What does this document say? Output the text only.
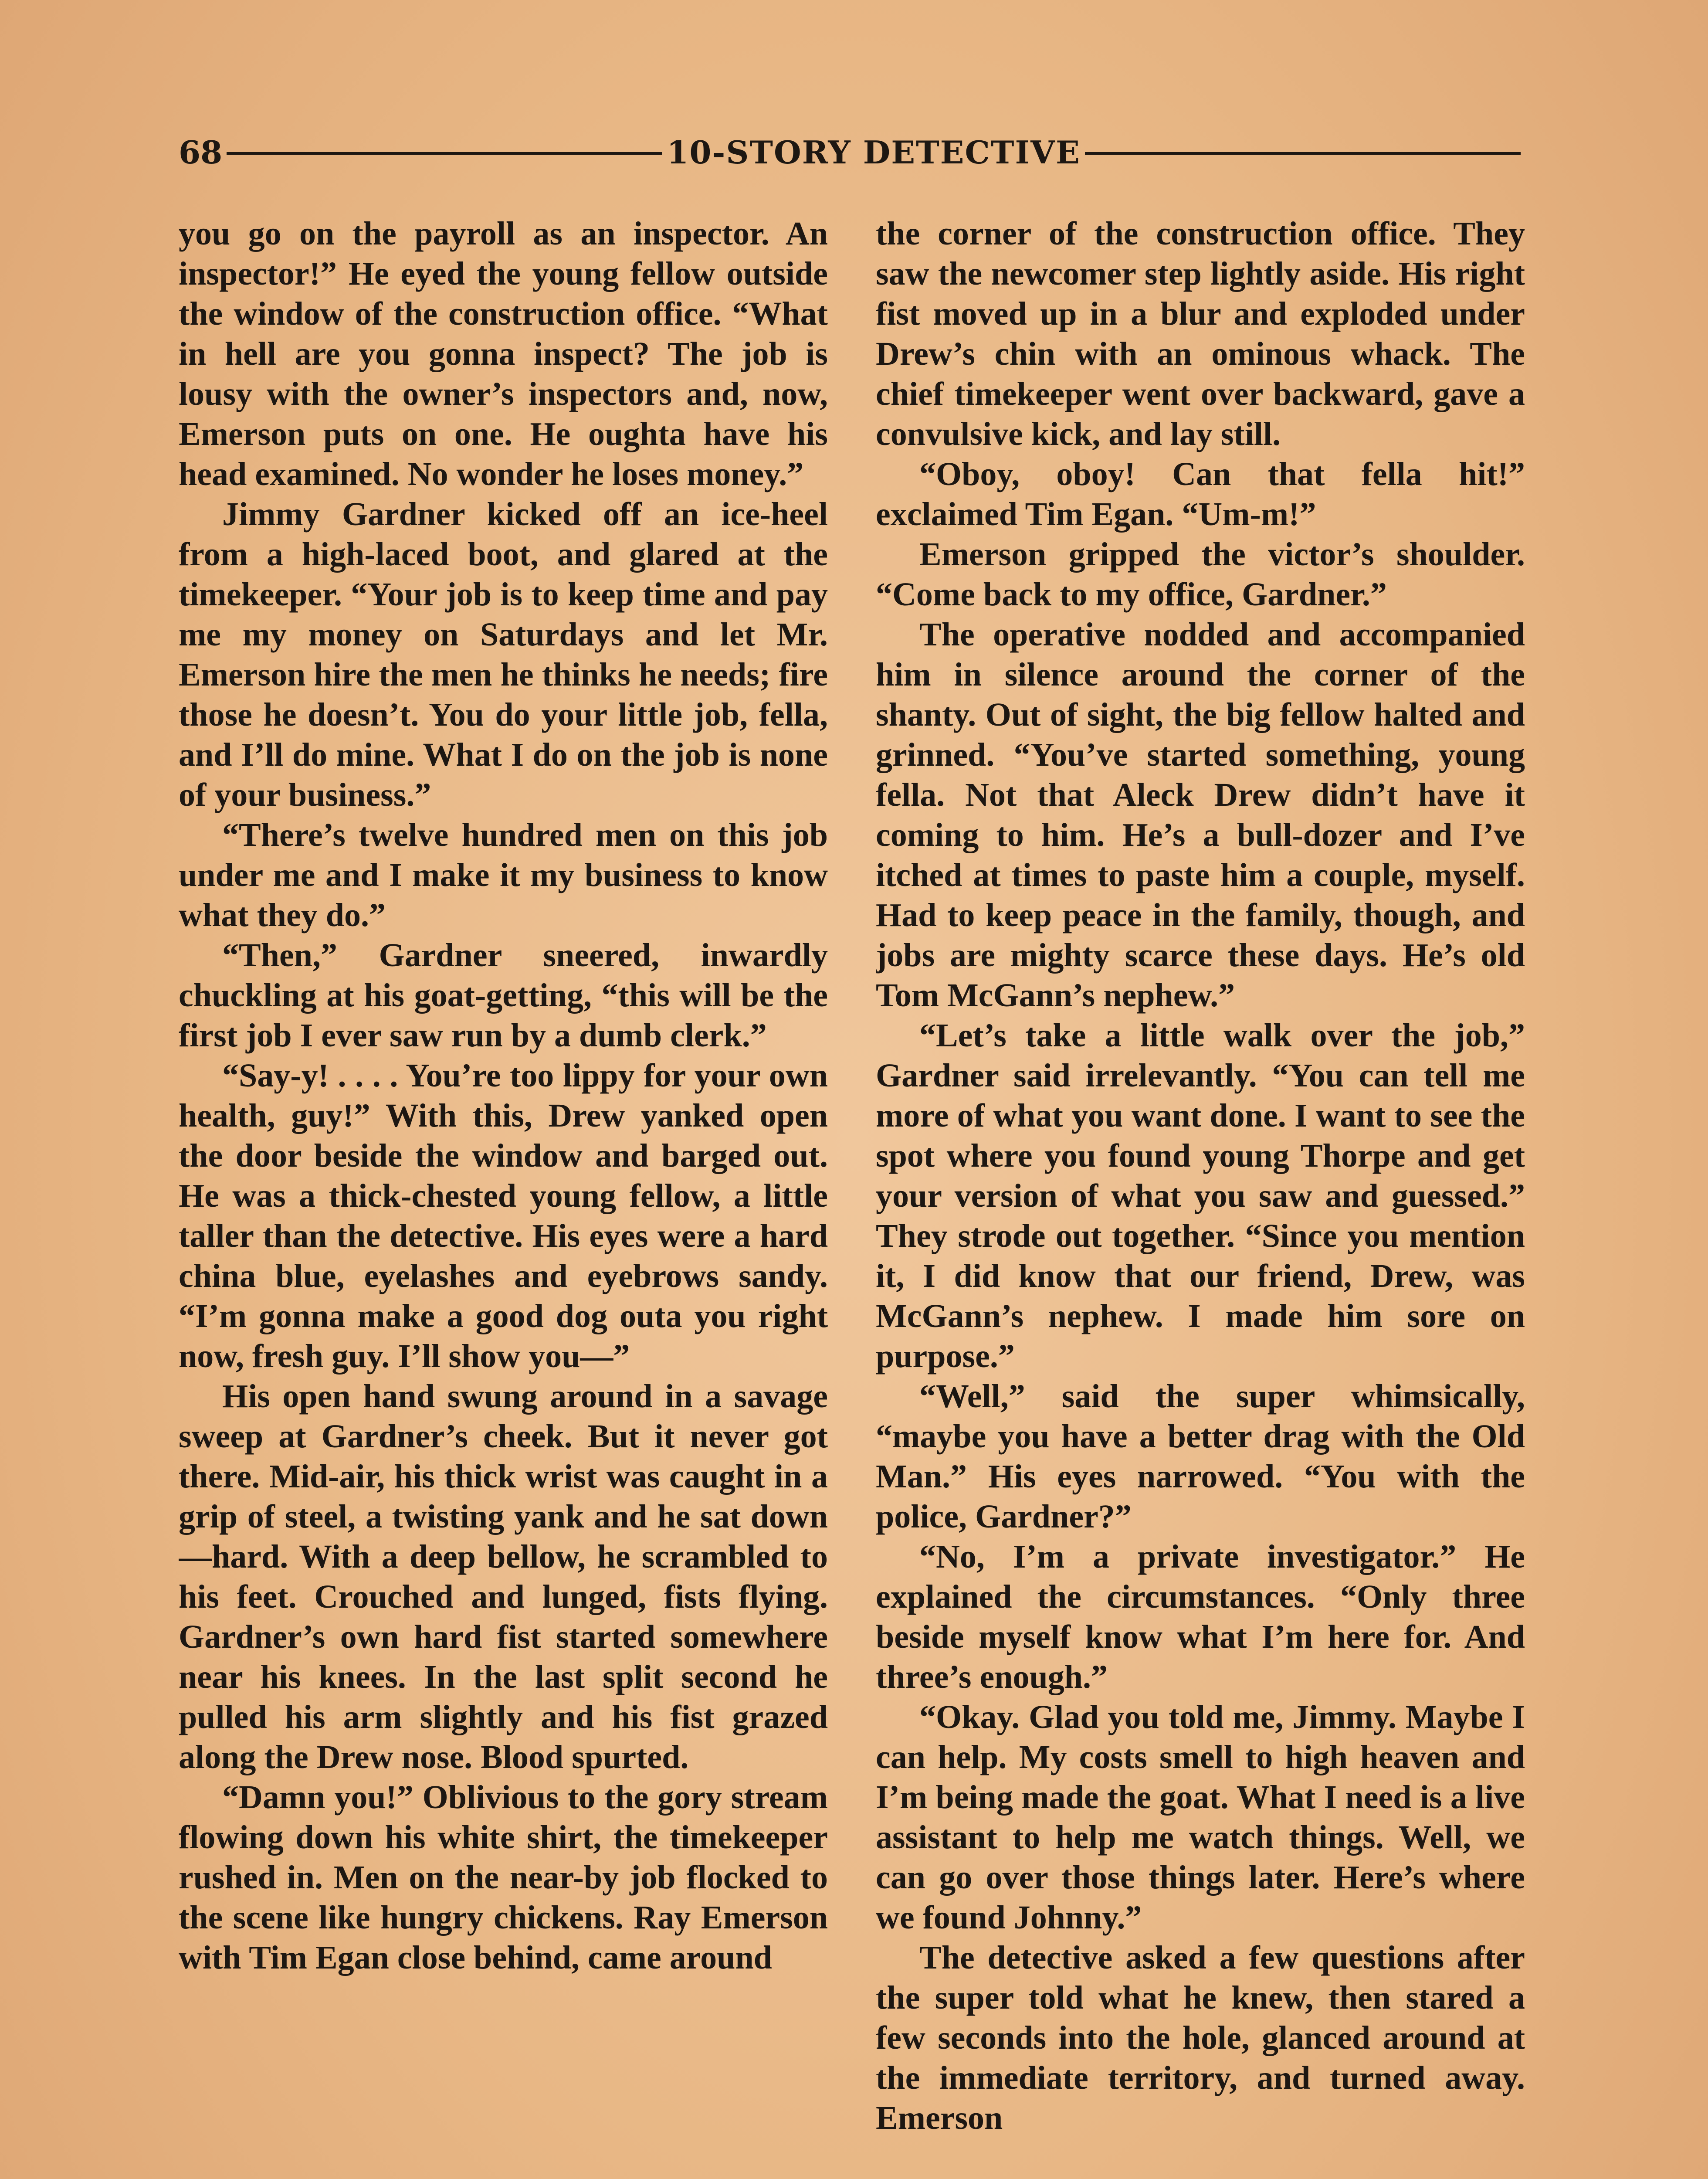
68	10-STORY DETECTIVE

you go on the payroll as an inspector. An inspector!” He eyed the young fellow outside the window of the construction office. “What in hell are you gonna inspect? The job is lousy with the owner’s inspectors and, now, Emerson puts on one. He oughta have his head examined. No wonder he loses money.”

Jimmy Gardner kicked off an ice-heel from a high-laced boot, and glared at the timekeeper. “Your job is to keep time and pay me my money on Saturdays and let Mr. Emerson hire the men he thinks he needs; fire those he doesn’t. You do your little job, fella, and I’ll do mine. What I do on the job is none of your business.”

“There’s twelve hundred men on this job under me and I make it my business to know what they do.”

“Then,” Gardner sneered, inwardly chuckling at his goat-getting, “this will be the first job I ever saw run by a dumb clerk.”

“Say-y! . . . . You’re too lippy for your own health, guy!” With this, Drew yanked open the door beside the window and barged out. He was a thick-chested young fellow, a little taller than the detective. His eyes were a hard china blue, eyelashes and eyebrows sandy. “I’m gonna make a good dog outa you right now, fresh guy. I’ll show you—”

His open hand swung around in a savage sweep at Gardner’s cheek. But it never got there. Mid-air, his thick wrist was caught in a grip of steel, a twisting yank and he sat down—hard. With a deep bellow, he scrambled to his feet. Crouched and lunged, fists flying. Gardner’s own hard fist started somewhere near his knees. In the last split second he pulled his arm slightly and his fist grazed along the Drew nose. Blood spurted.

“Damn you!” Oblivious to the gory stream flowing down his white shirt, the timekeeper rushed in. Men on the near-by job flocked to the scene like hungry chickens. Ray Emerson with Tim Egan close behind, came around

the corner of the construction office. They saw the newcomer step lightly aside. His right fist moved up in a blur and exploded under Drew’s chin with an ominous whack. The chief timekeeper went over backward, gave a convulsive kick, and lay still.

“Oboy, oboy! Can that fella hit!” exclaimed Tim Egan. “Um-m!”

Emerson gripped the victor’s shoulder. “Come back to my office, Gardner.”

The operative nodded and accompanied him in silence around the corner of the shanty. Out of sight, the big fellow halted and grinned. “You’ve started something, young fella. Not that Aleck Drew didn’t have it coming to him. He’s a bull-dozer and I’ve itched at times to paste him a couple, myself. Had to keep peace in the family, though, and jobs are mighty scarce these days. He’s old Tom McGann’s nephew.”

“Let’s take a little walk over the job,” Gardner said irrelevantly. “You can tell me more of what you want done. I want to see the spot where you found young Thorpe and get your version of what you saw and guessed.” They strode out together. “Since you mention it, I did know that our friend, Drew, was McGann’s nephew. I made him sore on purpose.”

“Well,” said the super whimsically, “maybe you have a better drag with the Old Man.” His eyes narrowed. “You with the police, Gardner?”

“No, I’m a private investigator.” He explained the circumstances. “Only three beside myself know what I’m here for. And three’s enough.”

“Okay. Glad you told me, Jimmy. Maybe I can help. My costs smell to high heaven and I’m being made the goat. What I need is a live assistant to help me watch things. Well, we can go over those things later. Here’s where we found Johnny.”

The detective asked a few questions after the super told what he knew, then stared a few seconds into the hole, glanced around at the immediate territory, and turned away. Emerson
